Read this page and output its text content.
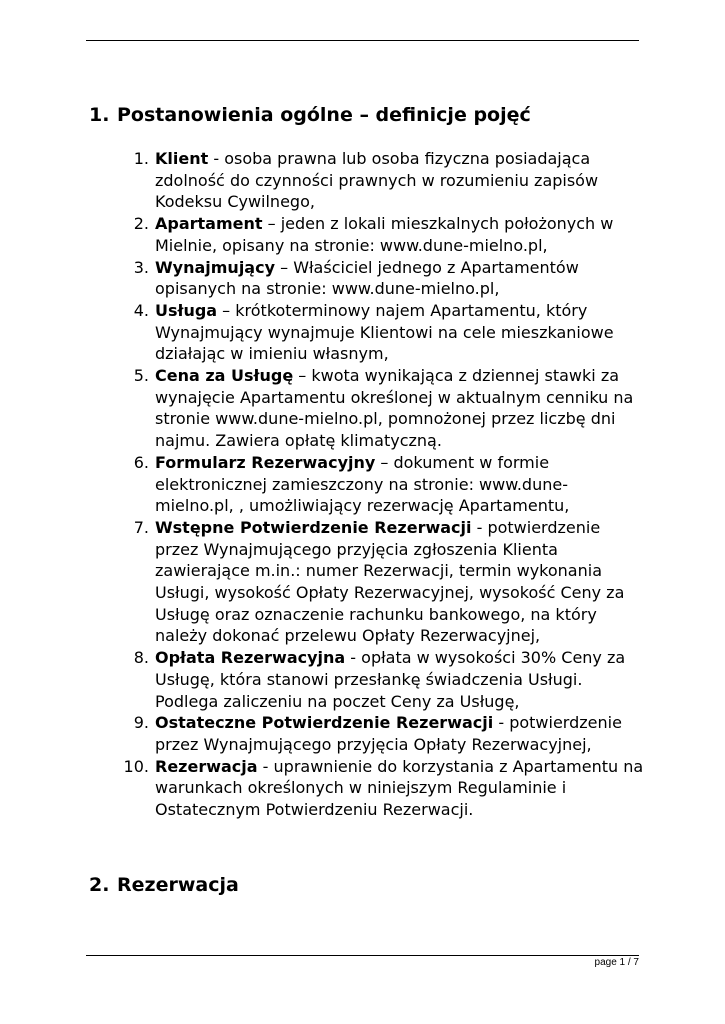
1. Postanowienia ogólne – definicje pojęć
1. Klient - osoba prawna lub osoba fizyczna posiadająca zdolność do czynności prawnych w rozumieniu zapisów Kodeksu Cywilnego,
2. Apartament – jeden z lokali mieszkalnych położonych w Mielnie, opisany na stronie: www.dune-mielno.pl,
3. Wynajmujący – Właściciel jednego z Apartamentów opisanych na stronie: www.dune-mielno.pl,
4. Usługa – krótkoterminowy najem Apartamentu, który Wynajmujący wynajmuje Klientowi na cele mieszkaniowe działając w imieniu własnym,
5. Cena za Usługę – kwota wynikająca z dziennej stawki za wynajęcie Apartamentu określonej w aktualnym cenniku na stronie www.dune-mielno.pl, pomnożonej przez liczbę dni najmu. Zawiera opłatę klimatyczną.
6. Formularz Rezerwacyjny – dokument w formie elektronicznej zamieszczony na stronie: www.dune-mielno.pl, , umożliwiający rezerwację Apartamentu,
7. Wstępne Potwierdzenie Rezerwacji - potwierdzenie przez Wynajmującego przyjęcia zgłoszenia Klienta zawierające m.in.: numer Rezerwacji, termin wykonania Usługi, wysokość Opłaty Rezerwacyjnej, wysokość Ceny za Usługę oraz oznaczenie rachunku bankowego, na który należy dokonać przelewu Opłaty Rezerwacyjnej,
8. Opłata Rezerwacyjna - opłata w wysokości 30% Ceny za Usługę, która stanowi przesłankę świadczenia Usługi. Podlega zaliczeniu na poczet Ceny za Usługę,
9. Ostateczne Potwierdzenie Rezerwacji - potwierdzenie przez Wynajmującego przyjęcia Opłaty Rezerwacyjnej,
10. Rezerwacja - uprawnienie do korzystania z Apartamentu na warunkach określonych w niniejszym Regulaminie i Ostatecznym Potwierdzeniu Rezerwacji.
2. Rezerwacja
page 1 / 7
